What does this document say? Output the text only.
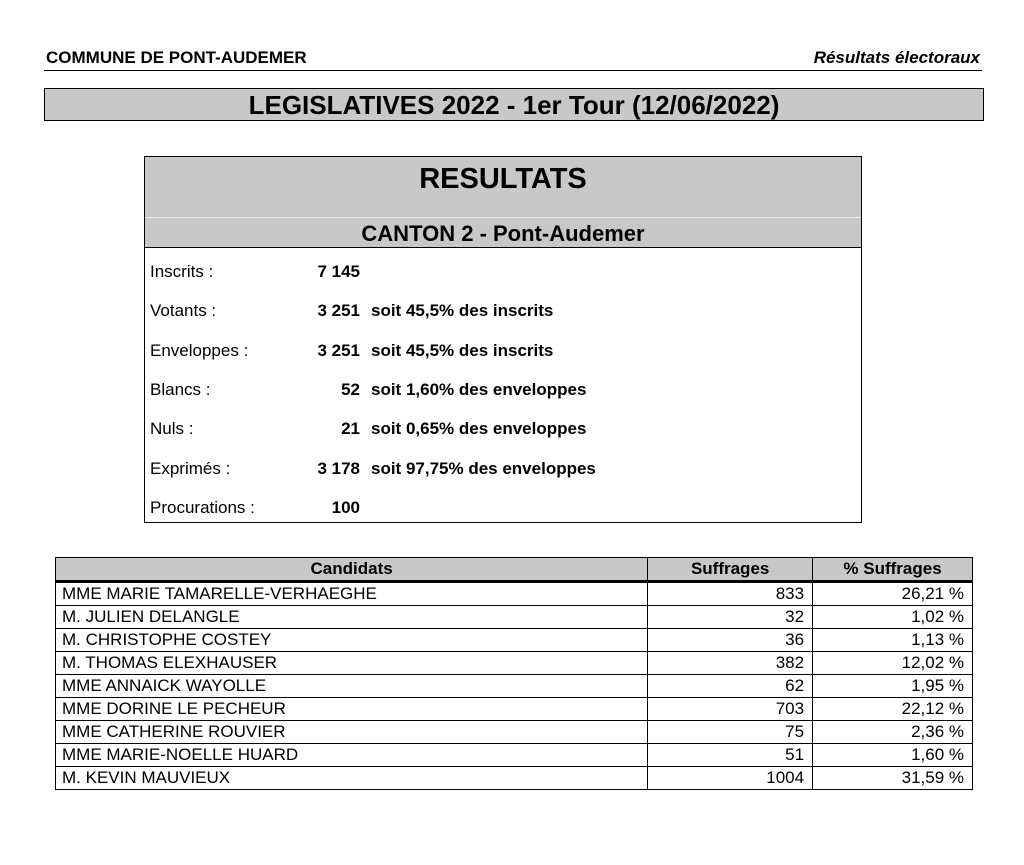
COMMUNE DE PONT-AUDEMER	Résultats électoraux
LEGISLATIVES 2022 - 1er Tour (12/06/2022)
RESULTATS
CANTON 2 - Pont-Audemer
Inscrits :	7 145
Votants :	3 251 soit 45,5% des inscrits
Enveloppes :	3 251 soit 45,5% des inscrits
Blancs :	52 soit 1,60% des enveloppes
Nuls :	21 soit 0,65% des enveloppes
Exprimés :	3 178 soit 97,75% des enveloppes
Procurations :	100
Candidats	Suffrages	% Suffrages
MME MARIE TAMARELLE-VERHAEGHE	833	26,21 %
M. JULIEN DELANGLE	32	1,02 %
M. CHRISTOPHE COSTEY	36	1,13 %
M. THOMAS ELEXHAUSER	382	12,02 %
MME ANNAICK WAYOLLE	62	1,95 %
MME DORINE LE PECHEUR	703	22,12 %
MME CATHERINE ROUVIER	75	2,36 %
MME MARIE-NOELLE HUARD	51	1,60 %
M. KEVIN MAUVIEUX	1004	31,59 %
